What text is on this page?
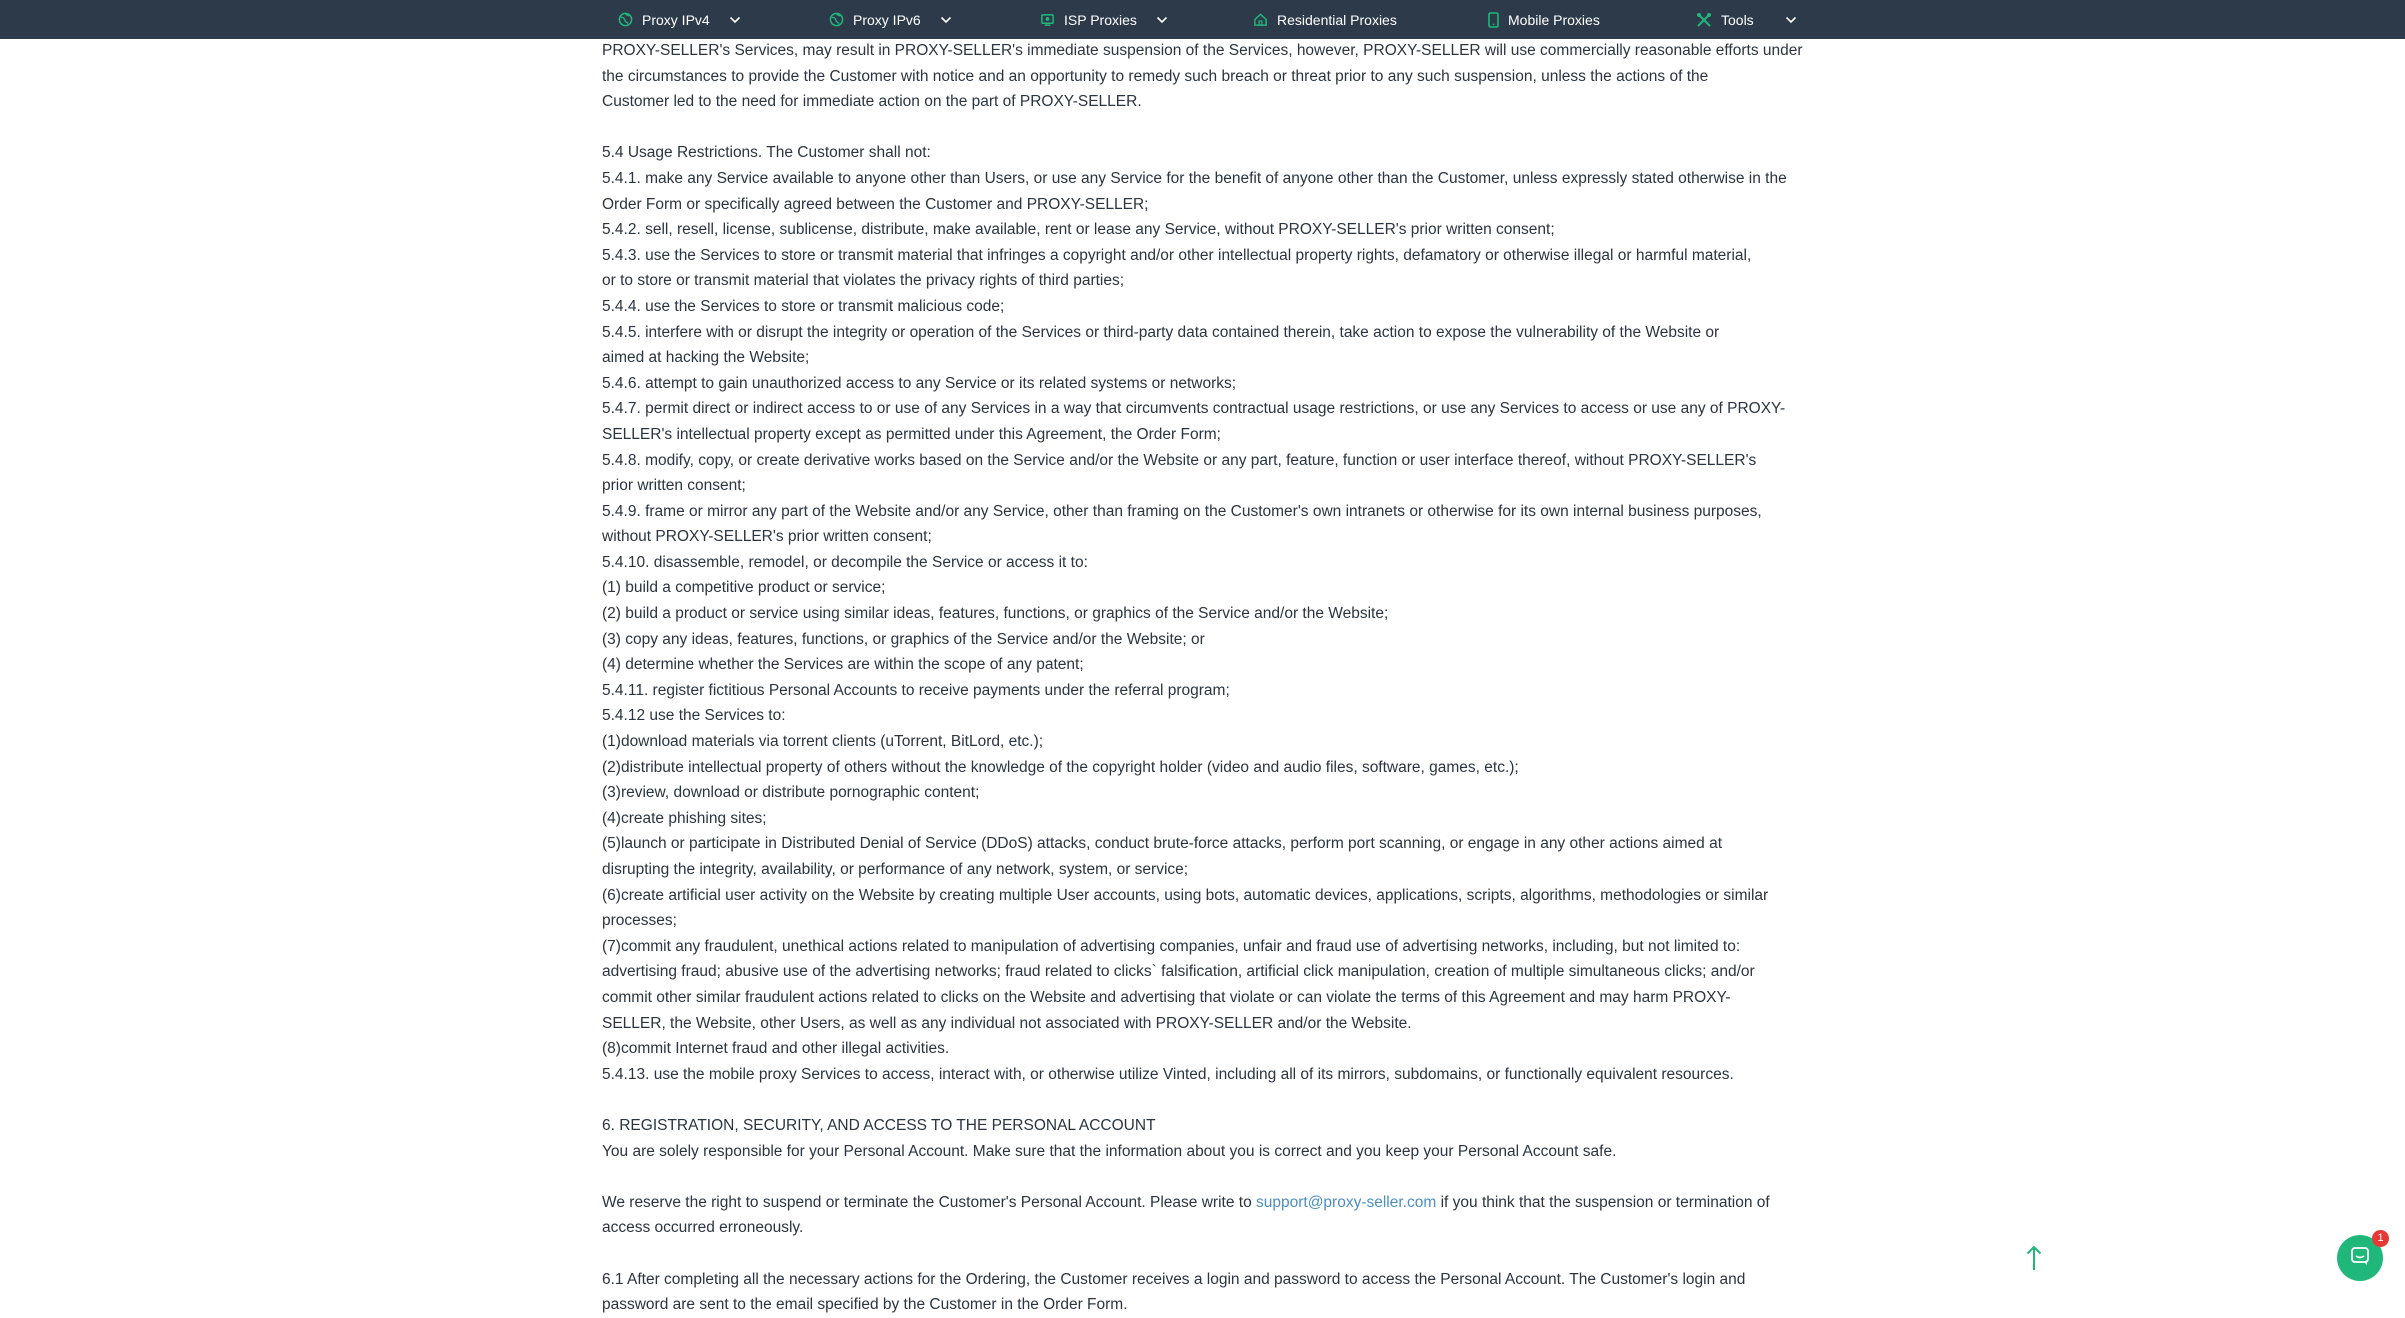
Proxy IPv4	Proxy IPv6	ISP Proxies	Residential Proxies	Mobile Proxies	Tools

PROXY-SELLER's Services, may result in PROXY-SELLER's immediate suspension of the Services, however, PROXY-SELLER will use commercially reasonable efforts under

the circumstances to provide the Customer with notice and an opportunity to remedy such breach or threat prior to any such suspension, unless the actions of the

Customer led to the need for immediate action on the part of PROXY-SELLER.

5.4 Usage Restrictions. The Customer shall not:

5.4.1. make any Service available to anyone other than Users, or use any Service for the benefit of anyone other than the Customer, unless expressly stated otherwise in the

Order Form or specifically agreed between the Customer and PROXY-SELLER;

5.4.2. sell, resell, license, sublicense, distribute, make available, rent or lease any Service, without PROXY-SELLER's prior written consent;

5.4.3. use the Services to store or transmit material that infringes a copyright and/or other intellectual property rights, defamatory or otherwise illegal or harmful material,

or to store or transmit material that violates the privacy rights of third parties;

5.4.4. use the Services to store or transmit malicious code;

5.4.5. interfere with or disrupt the integrity or operation of the Services or third-party data contained therein, take action to expose the vulnerability of the Website or

aimed at hacking the Website;

5.4.6. attempt to gain unauthorized access to any Service or its related systems or networks;

5.4.7. permit direct or indirect access to or use of any Services in a way that circumvents contractual usage restrictions, or use any Services to access or use any of PROXY-

SELLER's intellectual property except as permitted under this Agreement, the Order Form;

5.4.8. modify, copy, or create derivative works based on the Service and/or the Website or any part, feature, function or user interface thereof, without PROXY-SELLER's

prior written consent;

5.4.9. frame or mirror any part of the Website and/or any Service, other than framing on the Customer's own intranets or otherwise for its own internal business purposes,

without PROXY-SELLER's prior written consent;

5.4.10. disassemble, remodel, or decompile the Service or access it to:

(1) build a competitive product or service;

(2) build a product or service using similar ideas, features, functions, or graphics of the Service and/or the Website;

(3) copy any ideas, features, functions, or graphics of the Service and/or the Website; or

(4) determine whether the Services are within the scope of any patent;

5.4.11. register fictitious Personal Accounts to receive payments under the referral program;

5.4.12 use the Services to:

(1)download materials via torrent clients (uTorrent, BitLord, etc.);

(2)distribute intellectual property of others without the knowledge of the copyright holder (video and audio files, software, games, etc.);

(3)review, download or distribute pornographic content;

(4)create phishing sites;

(5)launch or participate in Distributed Denial of Service (DDoS) attacks, conduct brute-force attacks, perform port scanning, or engage in any other actions aimed at

disrupting the integrity, availability, or performance of any network, system, or service;

(6)create artificial user activity on the Website by creating multiple User accounts, using bots, automatic devices, applications, scripts, algorithms, methodologies or similar

processes;

(7)commit any fraudulent, unethical actions related to manipulation of advertising companies, unfair and fraud use of advertising networks, including, but not limited to:

advertising fraud; abusive use of the advertising networks; fraud related to clicks` falsification, artificial click manipulation, creation of multiple simultaneous clicks; and/or

commit other similar fraudulent actions related to clicks on the Website and advertising that violate or can violate the terms of this Agreement and may harm PROXY-

SELLER, the Website, other Users, as well as any individual not associated with PROXY-SELLER and/or the Website.

(8)commit Internet fraud and other illegal activities.

5.4.13. use the mobile proxy Services to access, interact with, or otherwise utilize Vinted, including all of its mirrors, subdomains, or functionally equivalent resources.

6. REGISTRATION, SECURITY, AND ACCESS TO THE PERSONAL ACCOUNT

You are solely responsible for your Personal Account. Make sure that the information about you is correct and you keep your Personal Account safe.

We reserve the right to suspend or terminate the Customer's Personal Account. Please write to support@proxy-seller.com if you think that the suspension or termination of

access occurred erroneously.

6.1 After completing all the necessary actions for the Ordering, the Customer receives a login and password to access the Personal Account. The Customer's login and

password are sent to the email specified by the Customer in the Order Form.

1
